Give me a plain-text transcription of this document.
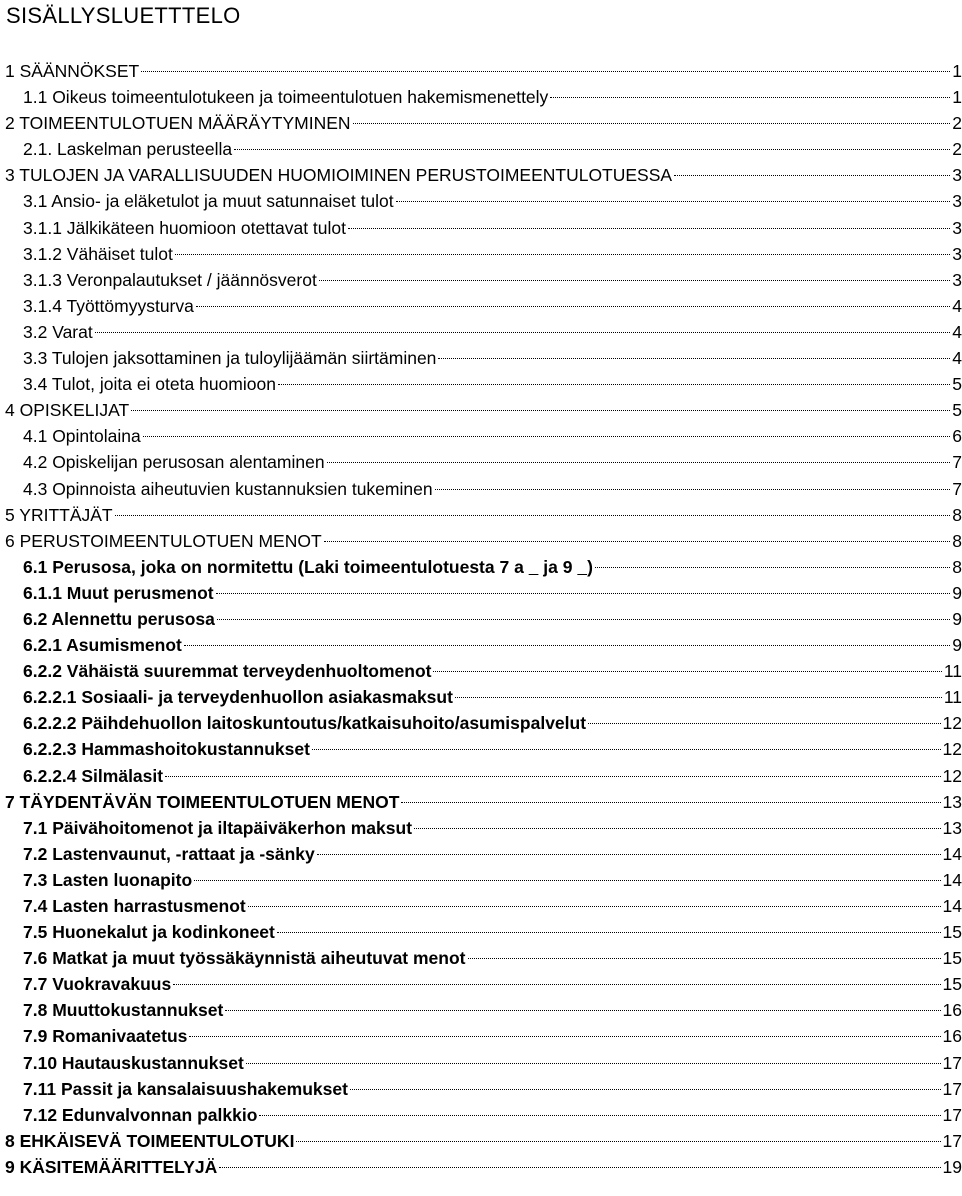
SISÄLLYSLUETTTELO
1 SÄÄNNÖKSET	1
1.1 Oikeus toimeentulotukeen ja toimeentulotuen hakemismenettely	1
2 TOIMEENTULOTUEN MÄÄRÄYTYMINEN	2
2.1. Laskelman perusteella	2
3 TULOJEN JA VARALLISUUDEN HUOMIOIMINEN PERUSTOIMEENTULOTUESSA	3
3.1 Ansio- ja eläketulot ja muut satunnaiset tulot	3
3.1.1 Jälkikäteen huomioon otettavat tulot	3
3.1.2 Vähäiset tulot	3
3.1.3 Veronpalautukset / jäännösverot	3
3.1.4 Työttömyysturva	4
3.2 Varat	4
3.3 Tulojen jaksottaminen ja tuloylijäämän siirtäminen	4
3.4 Tulot, joita ei oteta huomioon	5
4 OPISKELIJAT	5
4.1 Opintolaina	6
4.2 Opiskelijan perusosan alentaminen	7
4.3 Opinnoista aiheutuvien kustannuksien tukeminen	7
5 YRITTÄJÄT	8
6 PERUSTOIMEENTULOTUEN MENOT	8
6.1 Perusosa, joka on normitettu (Laki toimeentulotuesta 7 a    ja 9   )	8
6.1.1 Muut perusmenot	9
6.2 Alennettu perusosa	9
6.2.1 Asumismenot	9
6.2.2 Vähäistä suuremmat terveydenhuoltomenot	11
6.2.2.1 Sosiaali- ja terveydenhuollon asiakasmaksut	11
6.2.2.2 Päihdehuollon laitoskuntoutus/katkaisuhoito/asumispalvelut	12
6.2.2.3 Hammashoitokustannukset	12
6.2.2.4 Silmälasit	12
7 TÄYDENTÄVÄN TOIMEENTULOTUEN MENOT	13
7.1 Päivähoitomenot ja iltapäiväkerhon maksut	13
7.2 Lastenvaunut, -rattaat ja -sänky	14
7.3 Lasten luonapito	14
7.4 Lasten harrastusmenot	14
7.5 Huonekalut ja kodinkoneet	15
7.6 Matkat ja muut työssäkäynnistä aiheutuvat menot	15
7.7 Vuokravakuus	15
7.8 Muuttokustannukset	16
7.9 Romanivaatetus	16
7.10 Hautauskustannukset	17
7.11 Passit ja kansalaisuushakemukset	17
7.12 Edunvalvonnan palkkio	17
8 EHKÄISEVÄ TOIMEENTULOTUKI	17
9 KÄSITEMÄÄRITTELYJÄ	19
